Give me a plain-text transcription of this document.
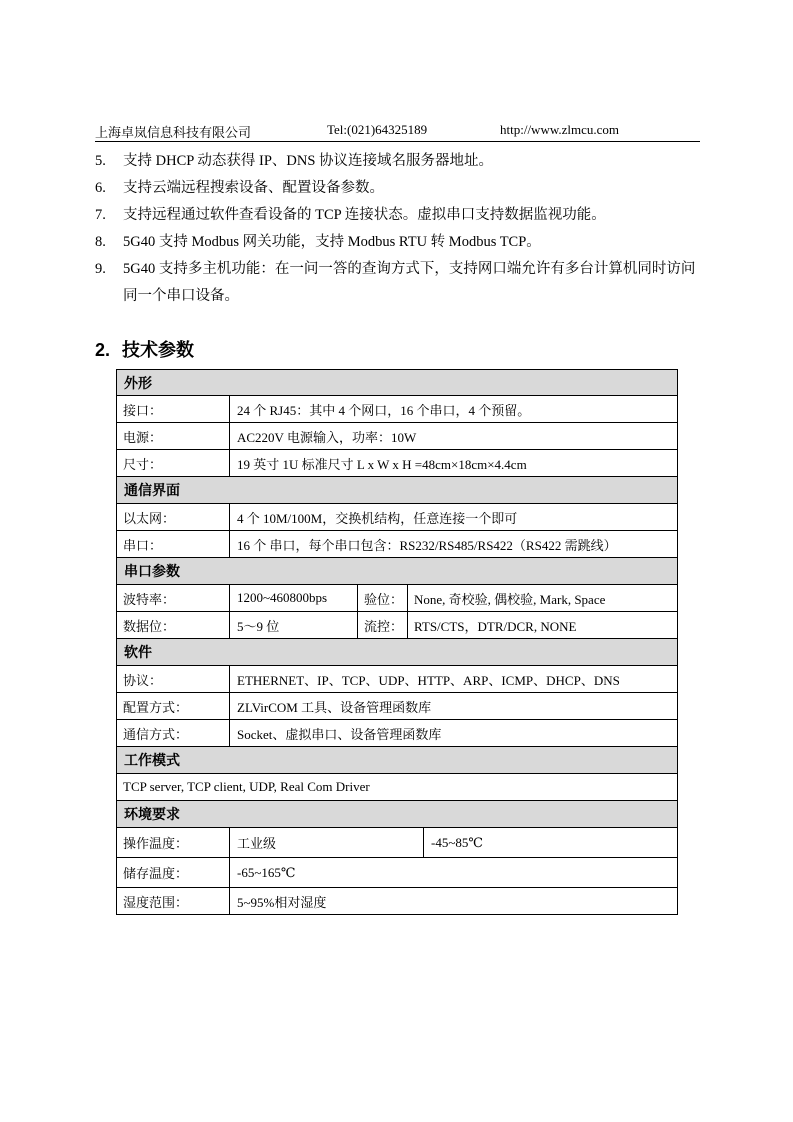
上海卓岚信息科技有限公司	Tel:(021)64325189	http://www.zlmcu.com
5. 支持 DHCP 动态获得 IP、DNS 协议连接域名服务器地址。
6. 支持云端远程搜索设备、配置设备参数。
7. 支持远程通过软件查看设备的 TCP 连接状态。虚拟串口支持数据监视功能。
8. 5G40 支持 Modbus 网关功能，支持 Modbus RTU 转 Modbus TCP。
9. 5G40 支持多主机功能：在一问一答的查询方式下，支持网口端允许有多台计算机同时访问同一个串口设备。
2. 技术参数
外形
接口：	24 个 RJ45：其中 4 个网口，16 个串口，4 个预留。
电源：	AC220V 电源输入，功率：10W
尺寸：	19 英寸 1U 标准尺寸 L x W x H =48cm×18cm×4.4cm
通信界面
以太网：	4 个 10M/100M，交换机结构，任意连接一个即可
串口：	16 个 串口，每个串口包含：RS232/RS485/RS422（RS422 需跳线）
串口参数
波特率：	1200~460800bps	验位： None, 奇校验, 偶校验, Mark, Space
数据位：	5～9 位	流控： RTS/CTS，DTR/DCR, NONE
软件
协议：	ETHERNET、IP、TCP、UDP、HTTP、ARP、ICMP、DHCP、DNS
配置方式：	ZLVirCOM 工具、设备管理函数库
通信方式：	Socket、虚拟串口、设备管理函数库
工作模式
TCP server, TCP client, UDP, Real Com Driver
环境要求
操作温度：	工业级	-45~85℃
储存温度：	-65~165℃
湿度范围：	5~95%相对湿度
